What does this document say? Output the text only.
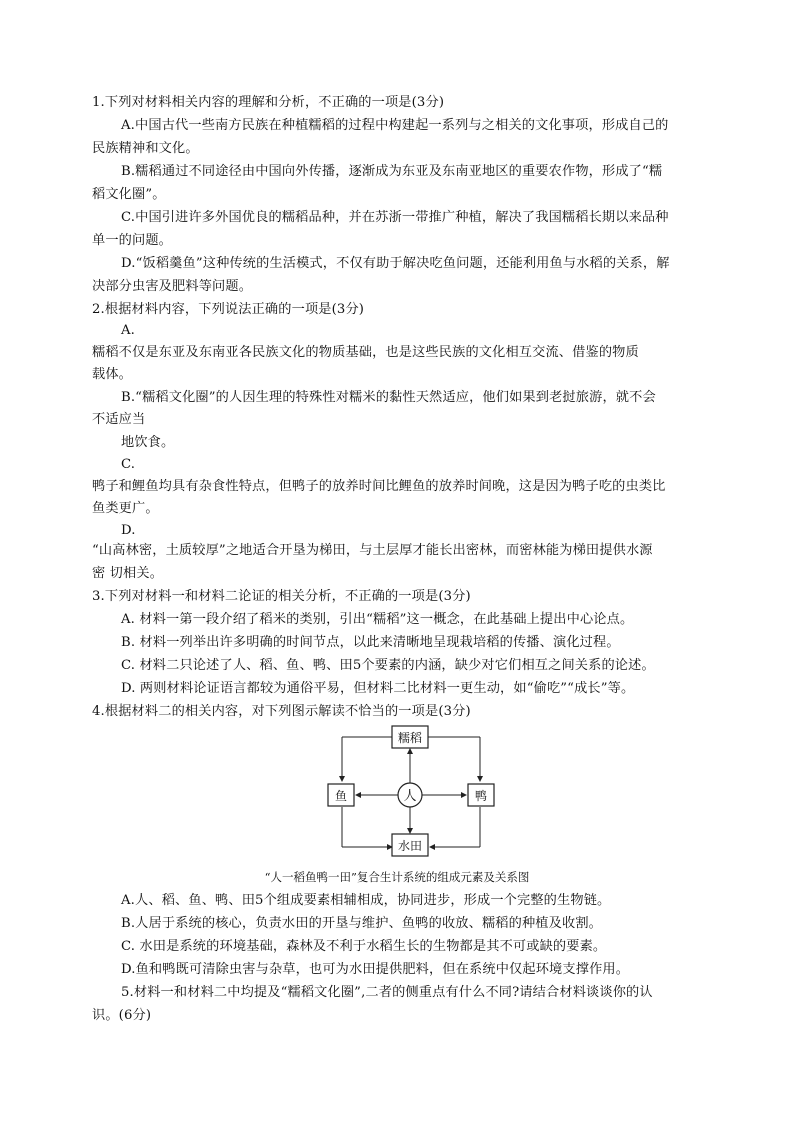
1.下列对材料相关内容的理解和分析，不正确的一项是(3分)
A.中国古代一些南方民族在种植糯稻的过程中构建起一系列与之相关的文化事项，形成自己的
民族精神和文化。
B.糯稻通过不同途径由中国向外传播，逐渐成为东亚及东南亚地区的重要农作物，形成了“糯
稻文化圈”。
C.中国引进许多外国优良的糯稻品种，并在苏浙一带推广种植，解决了我国糯稻长期以来品种
单一的问题。
D.“饭稻羹鱼”这种传统的生活模式，不仅有助于解决吃鱼问题，还能利用鱼与水稻的关系，解
决部分虫害及肥料等问题。
2.根据材料内容，下列说法正确的一项是(3分)
A.
糯稻不仅是东亚及东南亚各民族文化的物质基础，也是这些民族的文化相互交流、借鉴的物质
载体。
B.“糯稻文化圈”的人因生理的特殊性对糯米的黏性天然适应，他们如果到老挝旅游，就不会
不适应当
地饮食。
C.
鸭子和鲤鱼均具有杂食性特点，但鸭子的放养时间比鲤鱼的放养时间晚，这是因为鸭子吃的虫类比
鱼类更广。
D.
“山高林密，土质较厚”之地适合开垦为梯田，与土层厚才能长出密林，而密林能为梯田提供水源
密 切相关。
3.下列对材料一和材料二论证的相关分析，不正确的一项是(3分)
A. 材料一第一段介绍了稻米的类别，引出“糯稻”这一概念，在此基础上提出中心论点。
B. 材料一列举出许多明确的时间节点，以此来清晰地呈现栽培稻的传播、演化过程。
C. 材料二只论述了人、稻、鱼、鸭、田5个要素的内涵，缺少对它们相互之间关系的论述。
D. 两则材料论证语言都较为通俗平易，但材料二比材料一更生动，如“偷吃”“成长”等。
4.根据材料二的相关内容，对下列图示解读不恰当的一项是(3分)
糯稻
鱼	人	鸭
水田
“人一稻鱼鸭一田”复合生计系统的组成元素及关系图
A.人、稻、鱼、鸭、田5个组成要素相辅相成，协同进步，形成一个完整的生物链。
B.人居于系统的核心，负责水田的开垦与维护、鱼鸭的收放、糯稻的种植及收割。
C. 水田是系统的环境基础，森林及不利于水稻生长的生物都是其不可或缺的要素。
D.鱼和鸭既可清除虫害与杂草，也可为水田提供肥料，但在系统中仅起环境支撑作用。
5.材料一和材料二中均提及“糯稻文化圈”,二者的侧重点有什么不同?请结合材料谈谈你的认
识。(6分)
